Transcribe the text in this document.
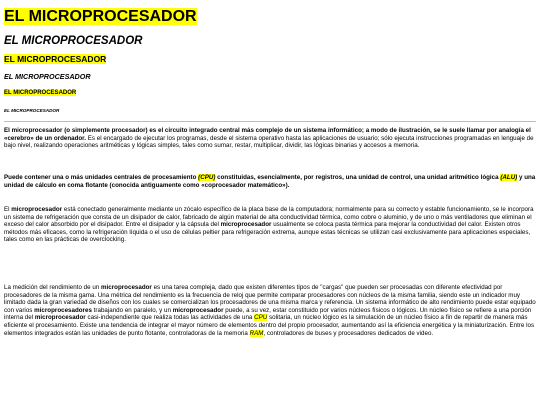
EL MICROPROCESADOR
EL MICROPROCESADOR
EL MICROPROCESADOR
EL MICROPROCESADOR
EL MICROPROCESADOR
EL MICROPROCESADOR

El microprocesador (o simplemente procesador) es el circuito integrado central más complejo de un sistema informático; a modo de ilustración, se le suele llamar por analogía el «cerebro» de un ordenador. Es el encargado de ejecutar los programas, desde el sistema operativo hasta las aplicaciones de usuario; sólo ejecuta instrucciones programadas en lenguaje de bajo nivel, realizando operaciones aritméticas y lógicas simples, tales como sumar, restar, multiplicar, dividir, las lógicas binarias y accesos a memoria.

Puede contener una o más unidades centrales de procesamiento (CPU) constituidas, esencialmente, por registros, una unidad de control, una unidad aritmético lógica (ALU) y una unidad de cálculo en coma flotante (conocida antiguamente como «coprocesador matemático»).

El microprocesador está conectado generalmente mediante un zócalo específico de la placa base de la computadora; normalmente para su correcto y estable funcionamiento, se le incorpora un sistema de refrigeración que consta de un disipador de calor, fabricado de algún material de alta conductividad térmica, como cobre o aluminio, y de uno o más ventiladores que eliminan el exceso del calor absorbido por el disipador. Entre el disipador y la cápsula del microprocesador usualmente se coloca pasta térmica para mejorar la conductividad del calor. Existen otros métodos más eficaces, como la refrigeración líquida o el uso de células peltier para refrigeración extrema, aunque estas técnicas se utilizan casi exclusivamente para aplicaciones especiales, tales como en las prácticas de overclocking.

La medición del rendimiento de un microprocesador es una tarea compleja, dado que existen diferentes tipos de "cargas" que pueden ser procesadas con diferente efectividad por procesadores de la misma gama. Una métrica del rendimiento es la frecuencia de reloj que permite comparar procesadores con núcleos de la misma familia, siendo este un indicador muy limitado dada la gran variedad de diseños con los cuales se comercializan los procesadores de una misma marca y referencia. Un sistema informático de alto rendimiento puede estar equipado con varios microprocesadores trabajando en paralelo, y un microprocesador puede, a su vez, estar constituido por varios núcleos físicos o lógicos. Un núcleo físico se refiere a una porción interna del microprocesador casi-independiente que realiza todas las actividades de una CPU solitaria, un núcleo lógico es la simulación de un núcleo físico a fin de repartir de manera más eficiente el procesamiento. Existe una tendencia de integrar el mayor número de elementos dentro del propio procesador, aumentando así la eficiencia energética y la miniaturización. Entre los elementos integrados están las unidades de punto flotante, controladoras de la memoria RAM, controladores de buses y procesadores dedicados de video.
